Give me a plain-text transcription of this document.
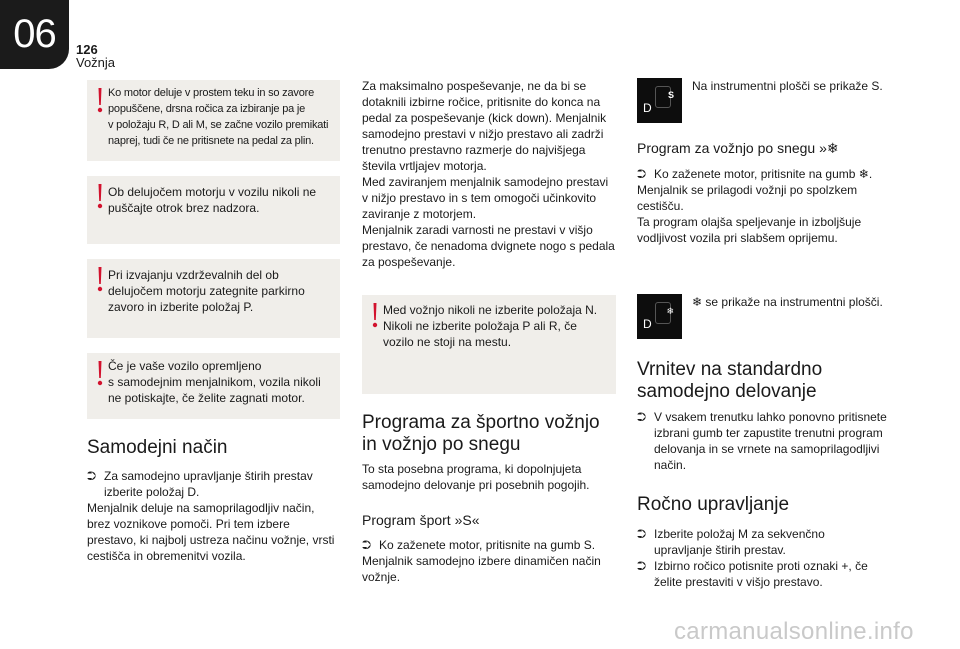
06	126
Vožnja
Ko motor deluje v prostem teku in so zavore
popuščene, drsna ročica za izbiranje pa je
v položaju R, D ali M, se začne vozilo premikati
naprej, tudi če ne pritisnete na pedal za plin.
Ob delujočem motorju v vozilu nikoli ne
puščajte otrok brez nadzora.
Pri izvajanju vzdrževalnih del ob
delujočem motorju zategnite parkirno
zavoro in izberite položaj P.
Če je vaše vozilo opremljeno
s samodejnim menjalnikom, vozila nikoli
ne potiskajte, če želite zagnati motor.
Samodejni način
⮊ Za samodejno upravljanje štirih prestav
izberite položaj D.
Menjalnik deluje na samoprilagodljiv način,
brez voznikove pomoči. Pri tem izbere
prestavo, ki najbolj ustreza načinu vožnje, vrsti
cestišča in obremenitvi vozila.
Za maksimalno pospeševanje, ne da bi se
dotaknili izbirne ročice, pritisnite do konca na
pedal za pospeševanje (kick down). Menjalnik
samodejno prestavi v nižjo prestavo ali zadrži
trenutno prestavno razmerje do najvišjega
števila vrtljajev motorja.
Med zaviranjem menjalnik samodejno prestavi
v nižjo prestavo in s tem omogoči učinkovito
zaviranje z motorjem.
Menjalnik zaradi varnosti ne prestavi v višjo
prestavo, če nenadoma dvignete nogo s pedala
za pospeševanje.
Med vožnjo nikoli ne izberite položaja N.
Nikoli ne izberite položaja P ali R, če
vozilo ne stoji na mestu.
Programa za športno vožnjo
in vožnjo po snegu
To sta posebna programa, ki dopolnjujeta
samodejno delovanje pri posebnih pogojih.
Program šport »S«
⮊ Ko zaženete motor, pritisnite na gumb S.
Menjalnik samodejno izbere dinamičen način
vožnje.
D
S
Na instrumentni plošči se prikaže S.
Program za vožnjo po snegu »❄
⮊ Ko zaženete motor, pritisnite na gumb ❄.
Menjalnik se prilagodi vožnji po spolzkem
cestišču.
Ta program olajša speljevanje in izboljšuje
vodljivost vozila pri slabšem oprijemu.
D
❄
❄ se prikaže na instrumentni plošči.
Vrnitev na standardno
samodejno delovanje
⮊ V vsakem trenutku lahko ponovno pritisnete
izbrani gumb ter zapustite trenutni program
delovanja in se vrnete na samoprilagodljivi
način.
Ročno upravljanje
⮊ Izberite položaj M za sekvenčno
upravljanje štirih prestav.
⮊ Izbirno ročico potisnite proti oznaki +, če
želite prestaviti v višjo prestavo.
carmanualsonline.info
